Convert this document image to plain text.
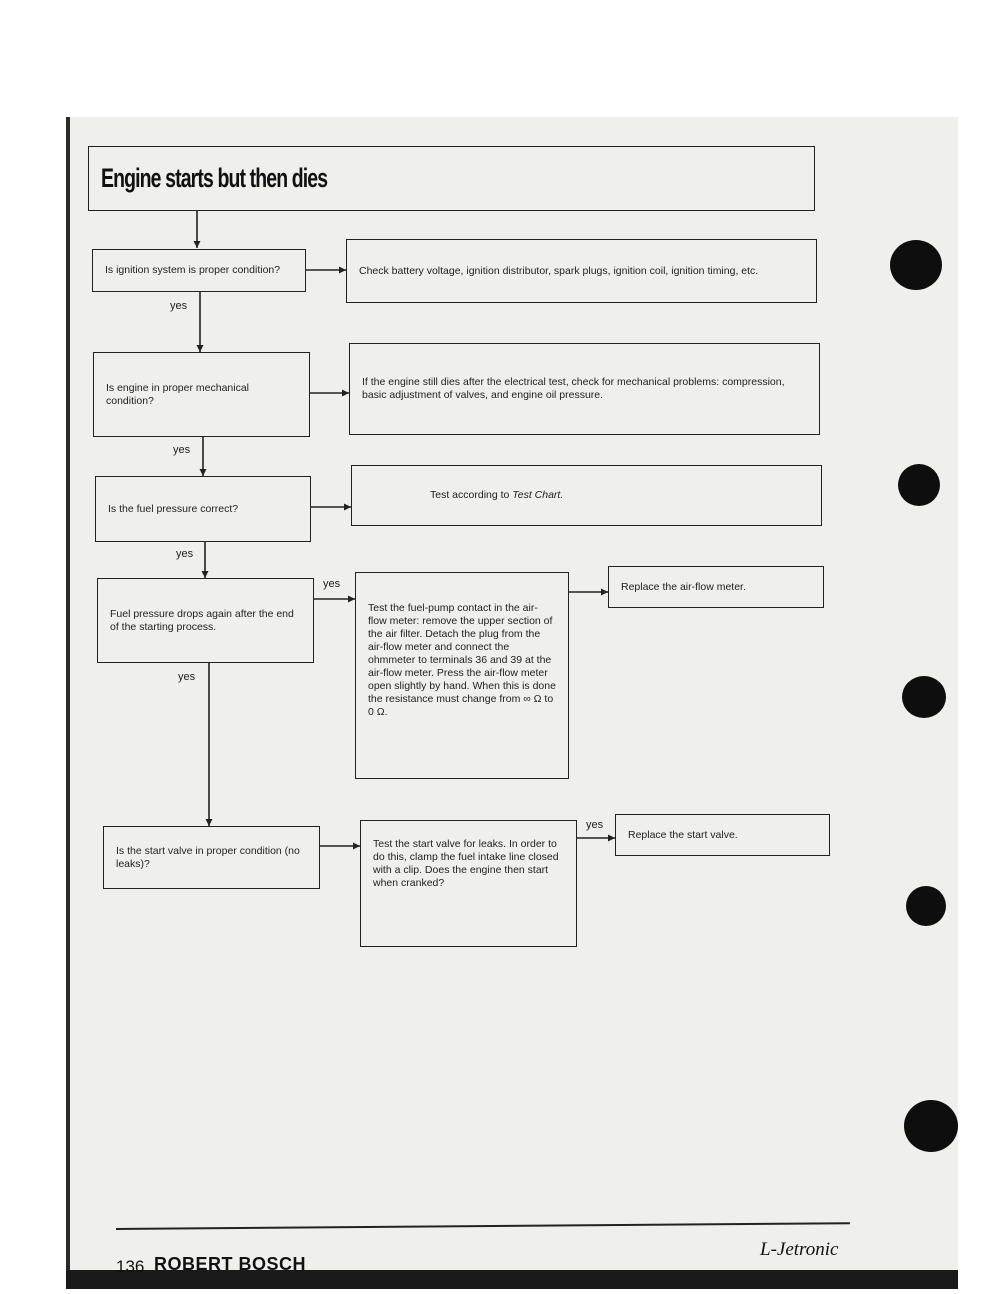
Engine starts but then dies
Is ignition system is proper condition?	Check battery voltage, ignition distributor, spark plugs, ignition coil, ignition timing, etc.
yes
Is engine in proper mechanical condition?
If the engine still dies after the electrical test, check for mechanical problems: compression, basic adjustment of valves, and engine oil pressure.
yes
Is the fuel pressure correct?
Test according to Test Chart.
yes
Fuel pressure drops again after the end of the starting process.
yes
Test the fuel-pump contact in the air-flow meter: remove the upper section of the air filter. Detach the plug from the air-flow meter and connect the ohmmeter to terminals 36 and 39 at the air-flow meter. Press the air-flow meter open slightly by hand. When this is done the resistance must change from ∞ Ω to 0 Ω.
Replace the air-flow meter.
yes
Is the start valve in proper condition (no leaks)?
Test the start valve for leaks. In order to do this, clamp the fuel intake line closed with a clip. Does the engine then start when cranked?
yes
Replace the start valve.
136 ROBERT BOSCH
L-Jetronic
